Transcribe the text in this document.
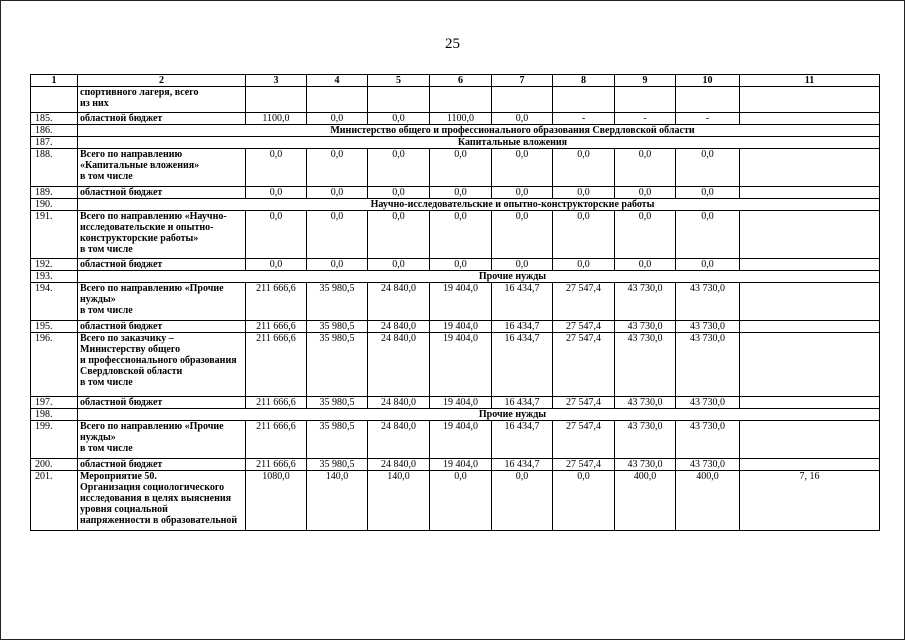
25
1	2	3	4	5	6	7	8	9	10	11
	спортивного лагеря, всего
из них									
185.	областной бюджет	1100,0	0,0	0,0	1100,0	0,0	-	-	-	
186.	Министерство общего и профессионального образования Свердловской области									
187.	Капитальные вложения									
188.	Всего по направлению
«Капитальные вложения»
в том числе	0,0	0,0	0,0	0,0	0,0	0,0	0,0	0,0	
189.	областной бюджет	0,0	0,0	0,0	0,0	0,0	0,0	0,0	0,0	
190.	Научно-исследовательские и опытно-конструкторские работы									
191.	Всего по направлению «Научно-
исследовательские и опытно-
конструкторские работы»
в том числе	0,0	0,0	0,0	0,0	0,0	0,0	0,0	0,0	
192.	областной бюджет	0,0	0,0	0,0	0,0	0,0	0,0	0,0	0,0	
193.	Прочие нужды									
194.	Всего по направлению «Прочие
нужды»
в том числе	211 666,6	35 980,5	24 840,0	19 404,0	16 434,7	27 547,4	43 730,0	43 730,0	
195.	областной бюджет	211 666,6	35 980,5	24 840,0	19 404,0	16 434,7	27 547,4	43 730,0	43 730,0	
196.	Всего по заказчику –
Министерству общего
и профессионального образования
Свердловской области
в том числе	211 666,6	35 980,5	24 840,0	19 404,0	16 434,7	27 547,4	43 730,0	43 730,0	
197.	областной бюджет	211 666,6	35 980,5	24 840,0	19 404,0	16 434,7	27 547,4	43 730,0	43 730,0	
198.	Прочие нужды									
199.	Всего по направлению «Прочие
нужды»
в том числе	211 666,6	35 980,5	24 840,0	19 404,0	16 434,7	27 547,4	43 730,0	43 730,0	
200.	областной бюджет	211 666,6	35 980,5	24 840,0	19 404,0	16 434,7	27 547,4	43 730,0	43 730,0	
201.	Мероприятие 50.
Организация социологического
исследования в целях выяснения
уровня социальной
напряженности в образовательной	1080,0	140,0	140,0	0,0	0,0	0,0	400,0	400,0	7, 16
